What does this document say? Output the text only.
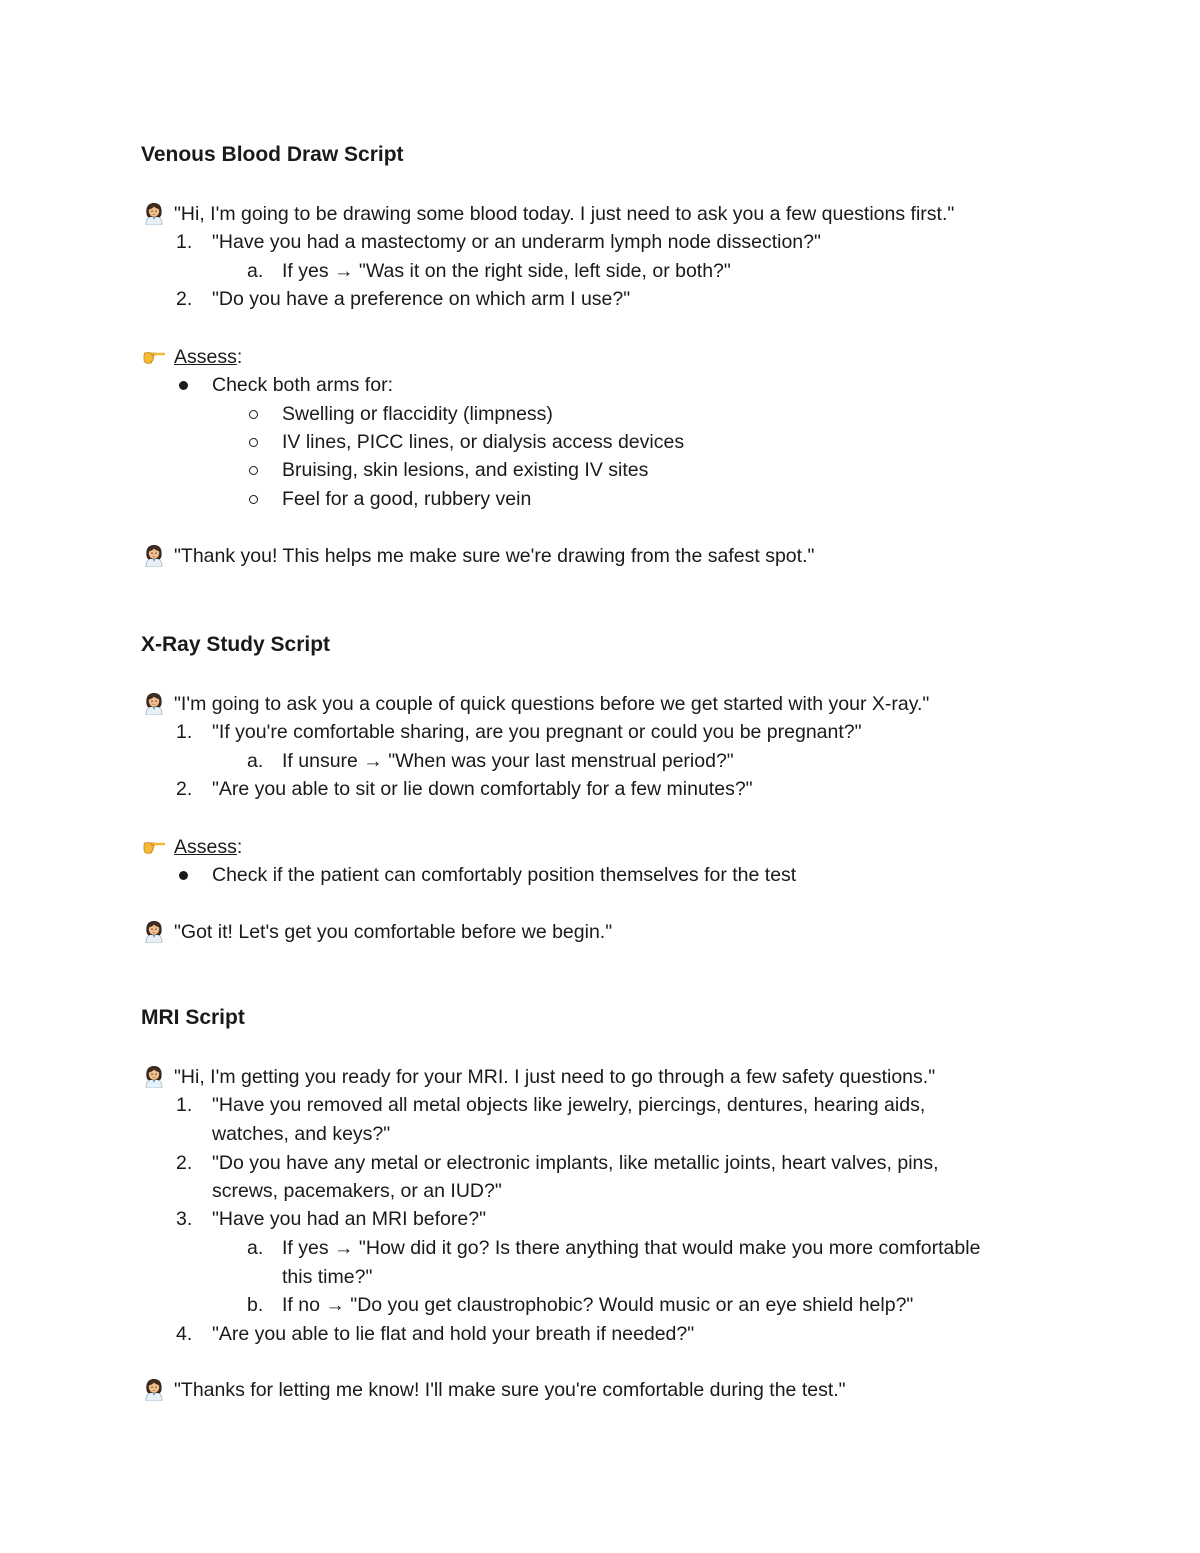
Venous Blood Draw Script
"Hi, I'm going to be drawing some blood today. I just need to ask you a few questions first."
1. "Have you had a mastectomy or an underarm lymph node dissection?"
a. If yes → "Was it on the right side, left side, or both?"
2. "Do you have a preference on which arm I use?"
Assess:
Check both arms for:
Swelling or flaccidity (limpness)
IV lines, PICC lines, or dialysis access devices
Bruising, skin lesions, and existing IV sites
Feel for a good, rubbery vein
"Thank you! This helps me make sure we're drawing from the safest spot."
X-Ray Study Script
"I'm going to ask you a couple of quick questions before we get started with your X-ray."
1. "If you're comfortable sharing, are you pregnant or could you be pregnant?"
a. If unsure → "When was your last menstrual period?"
2. "Are you able to sit or lie down comfortably for a few minutes?"
Assess:
Check if the patient can comfortably position themselves for the test
"Got it! Let's get you comfortable before we begin."
MRI Script
"Hi, I'm getting you ready for your MRI. I just need to go through a few safety questions."
1. "Have you removed all metal objects like jewelry, piercings, dentures, hearing aids,
watches, and keys?"
2. "Do you have any metal or electronic implants, like metallic joints, heart valves, pins,
screws, pacemakers, or an IUD?"
3. "Have you had an MRI before?"
a. If yes → "How did it go? Is there anything that would make you more comfortable
this time?"
b. If no → "Do you get claustrophobic? Would music or an eye shield help?"
4. "Are you able to lie flat and hold your breath if needed?"
"Thanks for letting me know! I'll make sure you're comfortable during the test."
